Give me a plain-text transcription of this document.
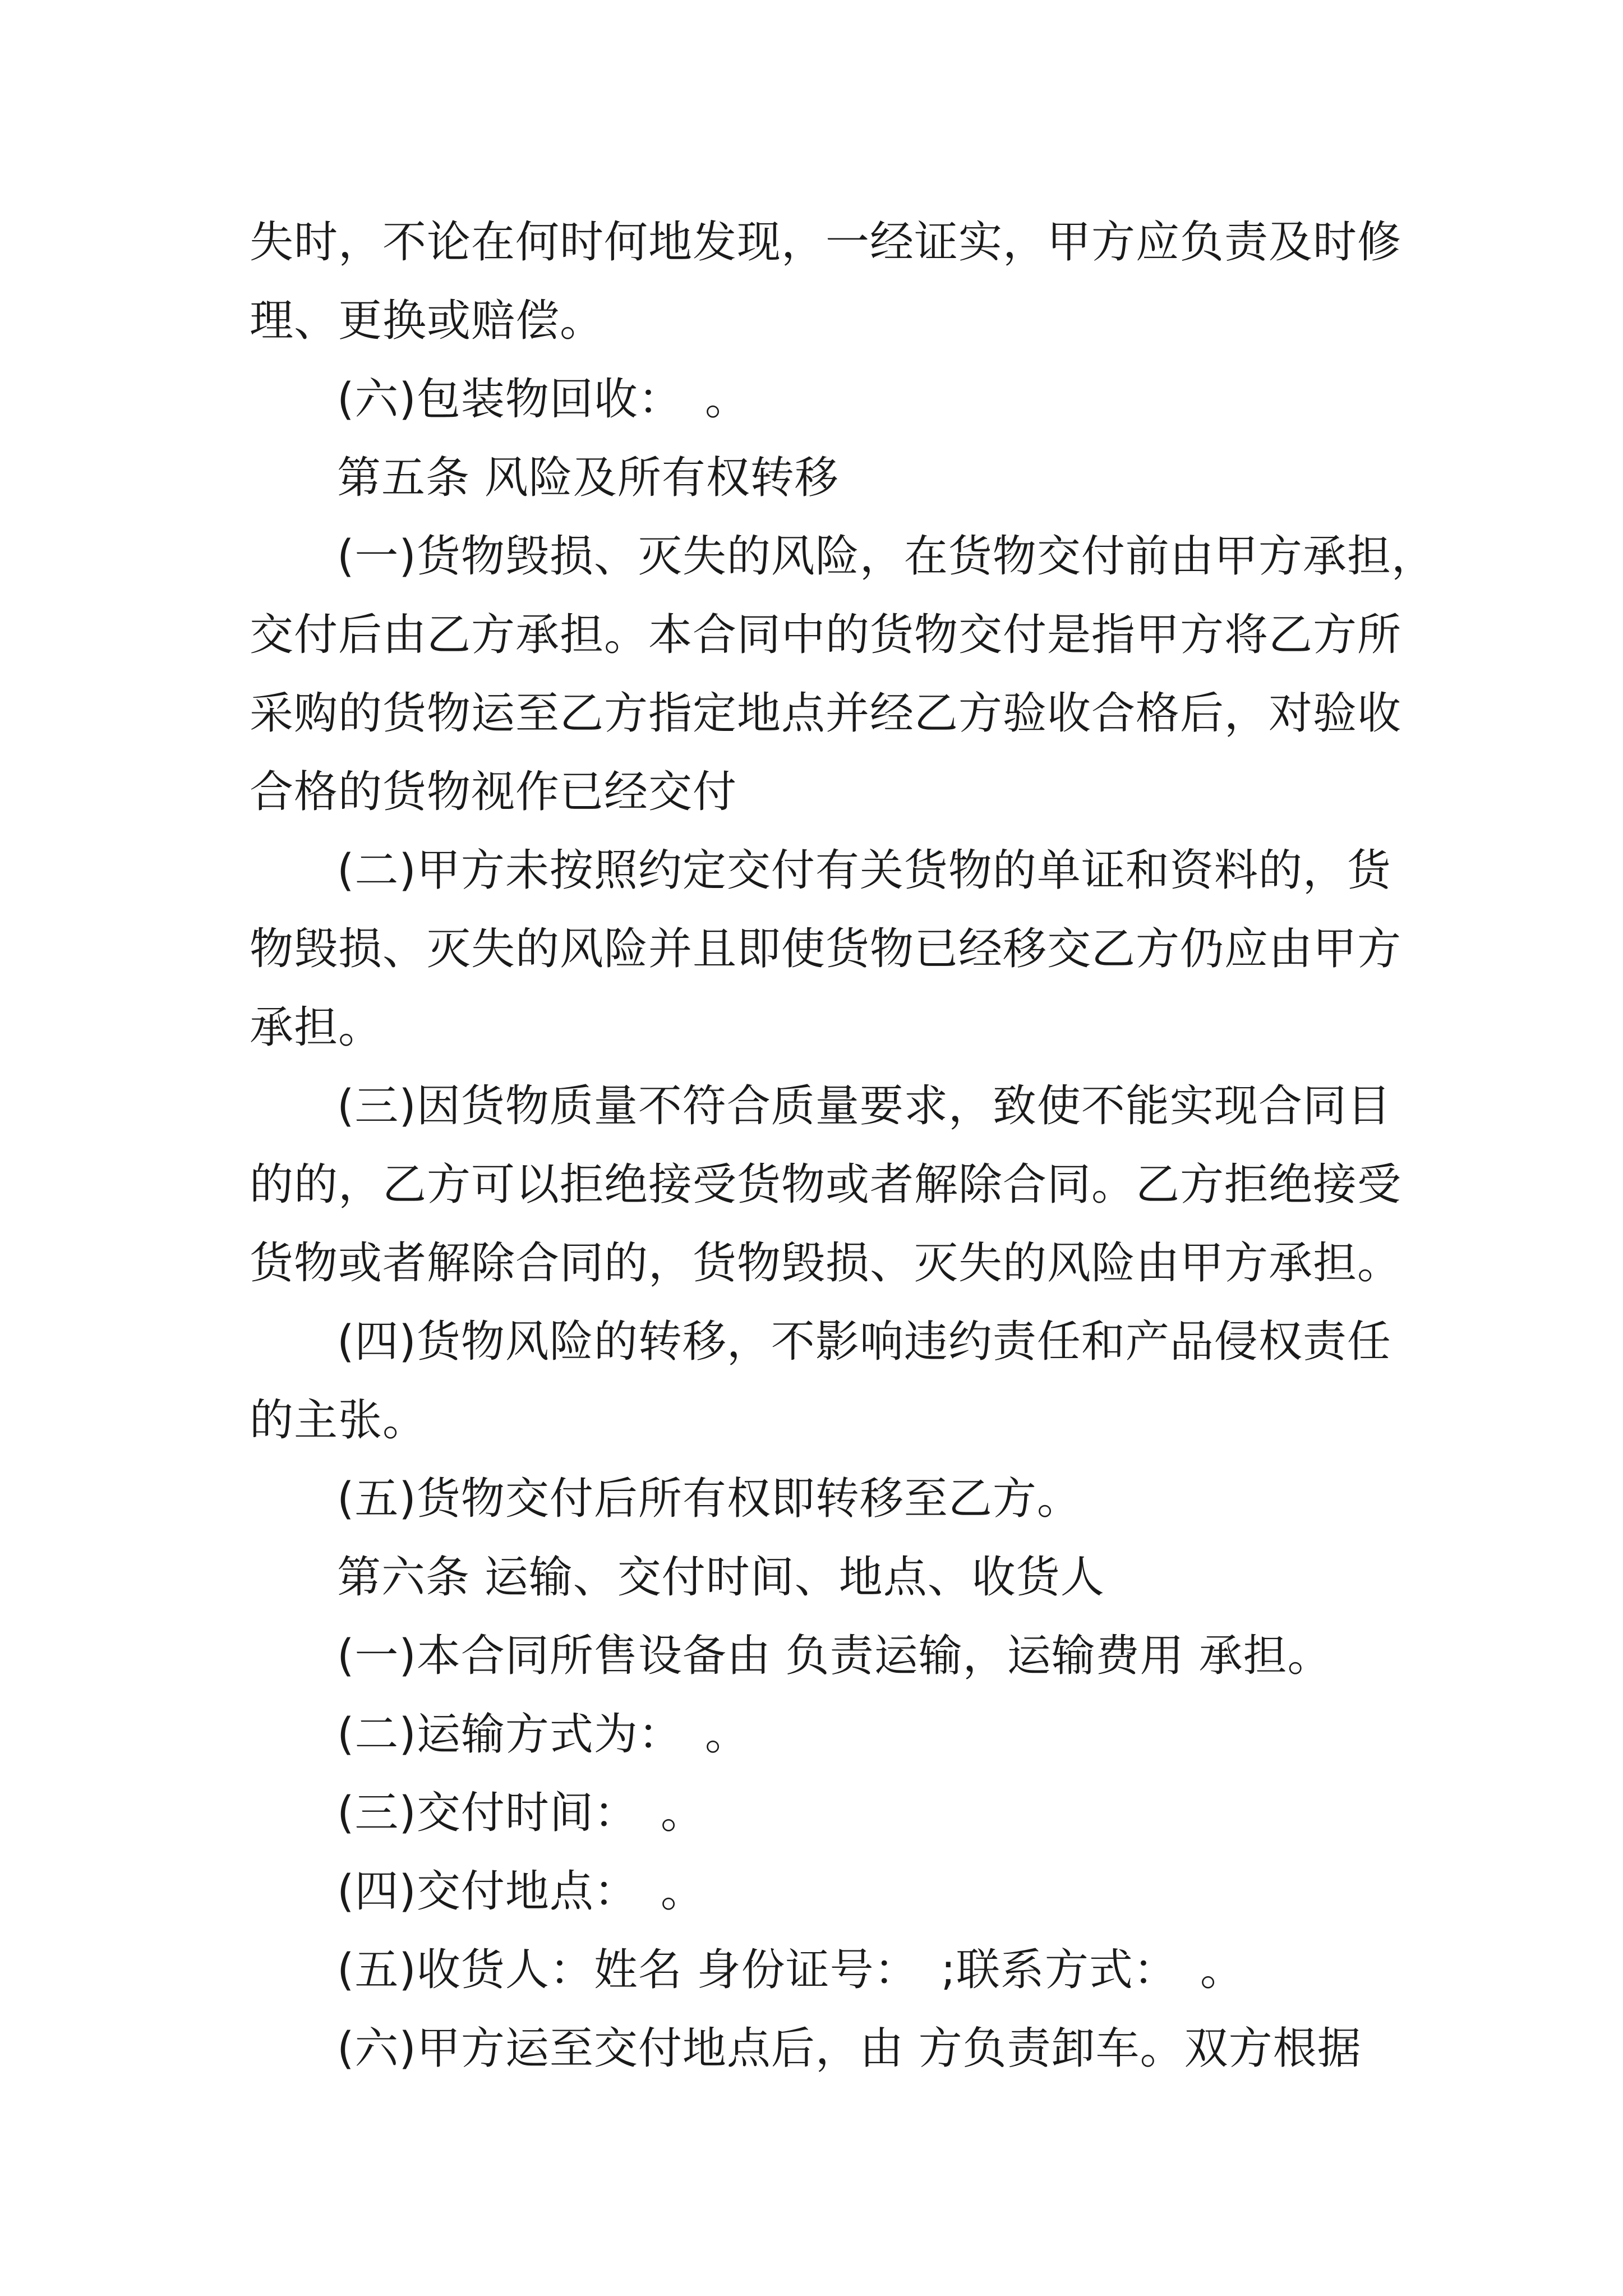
失时，不论在何时何地发现，一经证实，甲方应负责及时修

理、更换或赔偿。

(六)包装物回收：　。

第五条 风险及所有权转移

(一)货物毁损、灭失的风险，在货物交付前由甲方承担，

交付后由乙方承担。本合同中的货物交付是指甲方将乙方所

采购的货物运至乙方指定地点并经乙方验收合格后，对验收

合格的货物视作已经交付

(二)甲方未按照约定交付有关货物的单证和资料的，货

物毁损、灭失的风险并且即使货物已经移交乙方仍应由甲方

承担。

(三)因货物质量不符合质量要求，致使不能实现合同目

的的，乙方可以拒绝接受货物或者解除合同。乙方拒绝接受

货物或者解除合同的，货物毁损、灭失的风险由甲方承担。

(四)货物风险的转移，不影响违约责任和产品侵权责任

的主张。

(五)货物交付后所有权即转移至乙方。

第六条 运输、交付时间、地点、收货人

(一)本合同所售设备由 负责运输，运输费用 承担。

(二)运输方式为：　。

(三)交付时间：　。

(四)交付地点：　。

(五)收货人：姓名 身份证号：　;联系方式：　。

(六)甲方运至交付地点后，由 方负责卸车。双方根据
